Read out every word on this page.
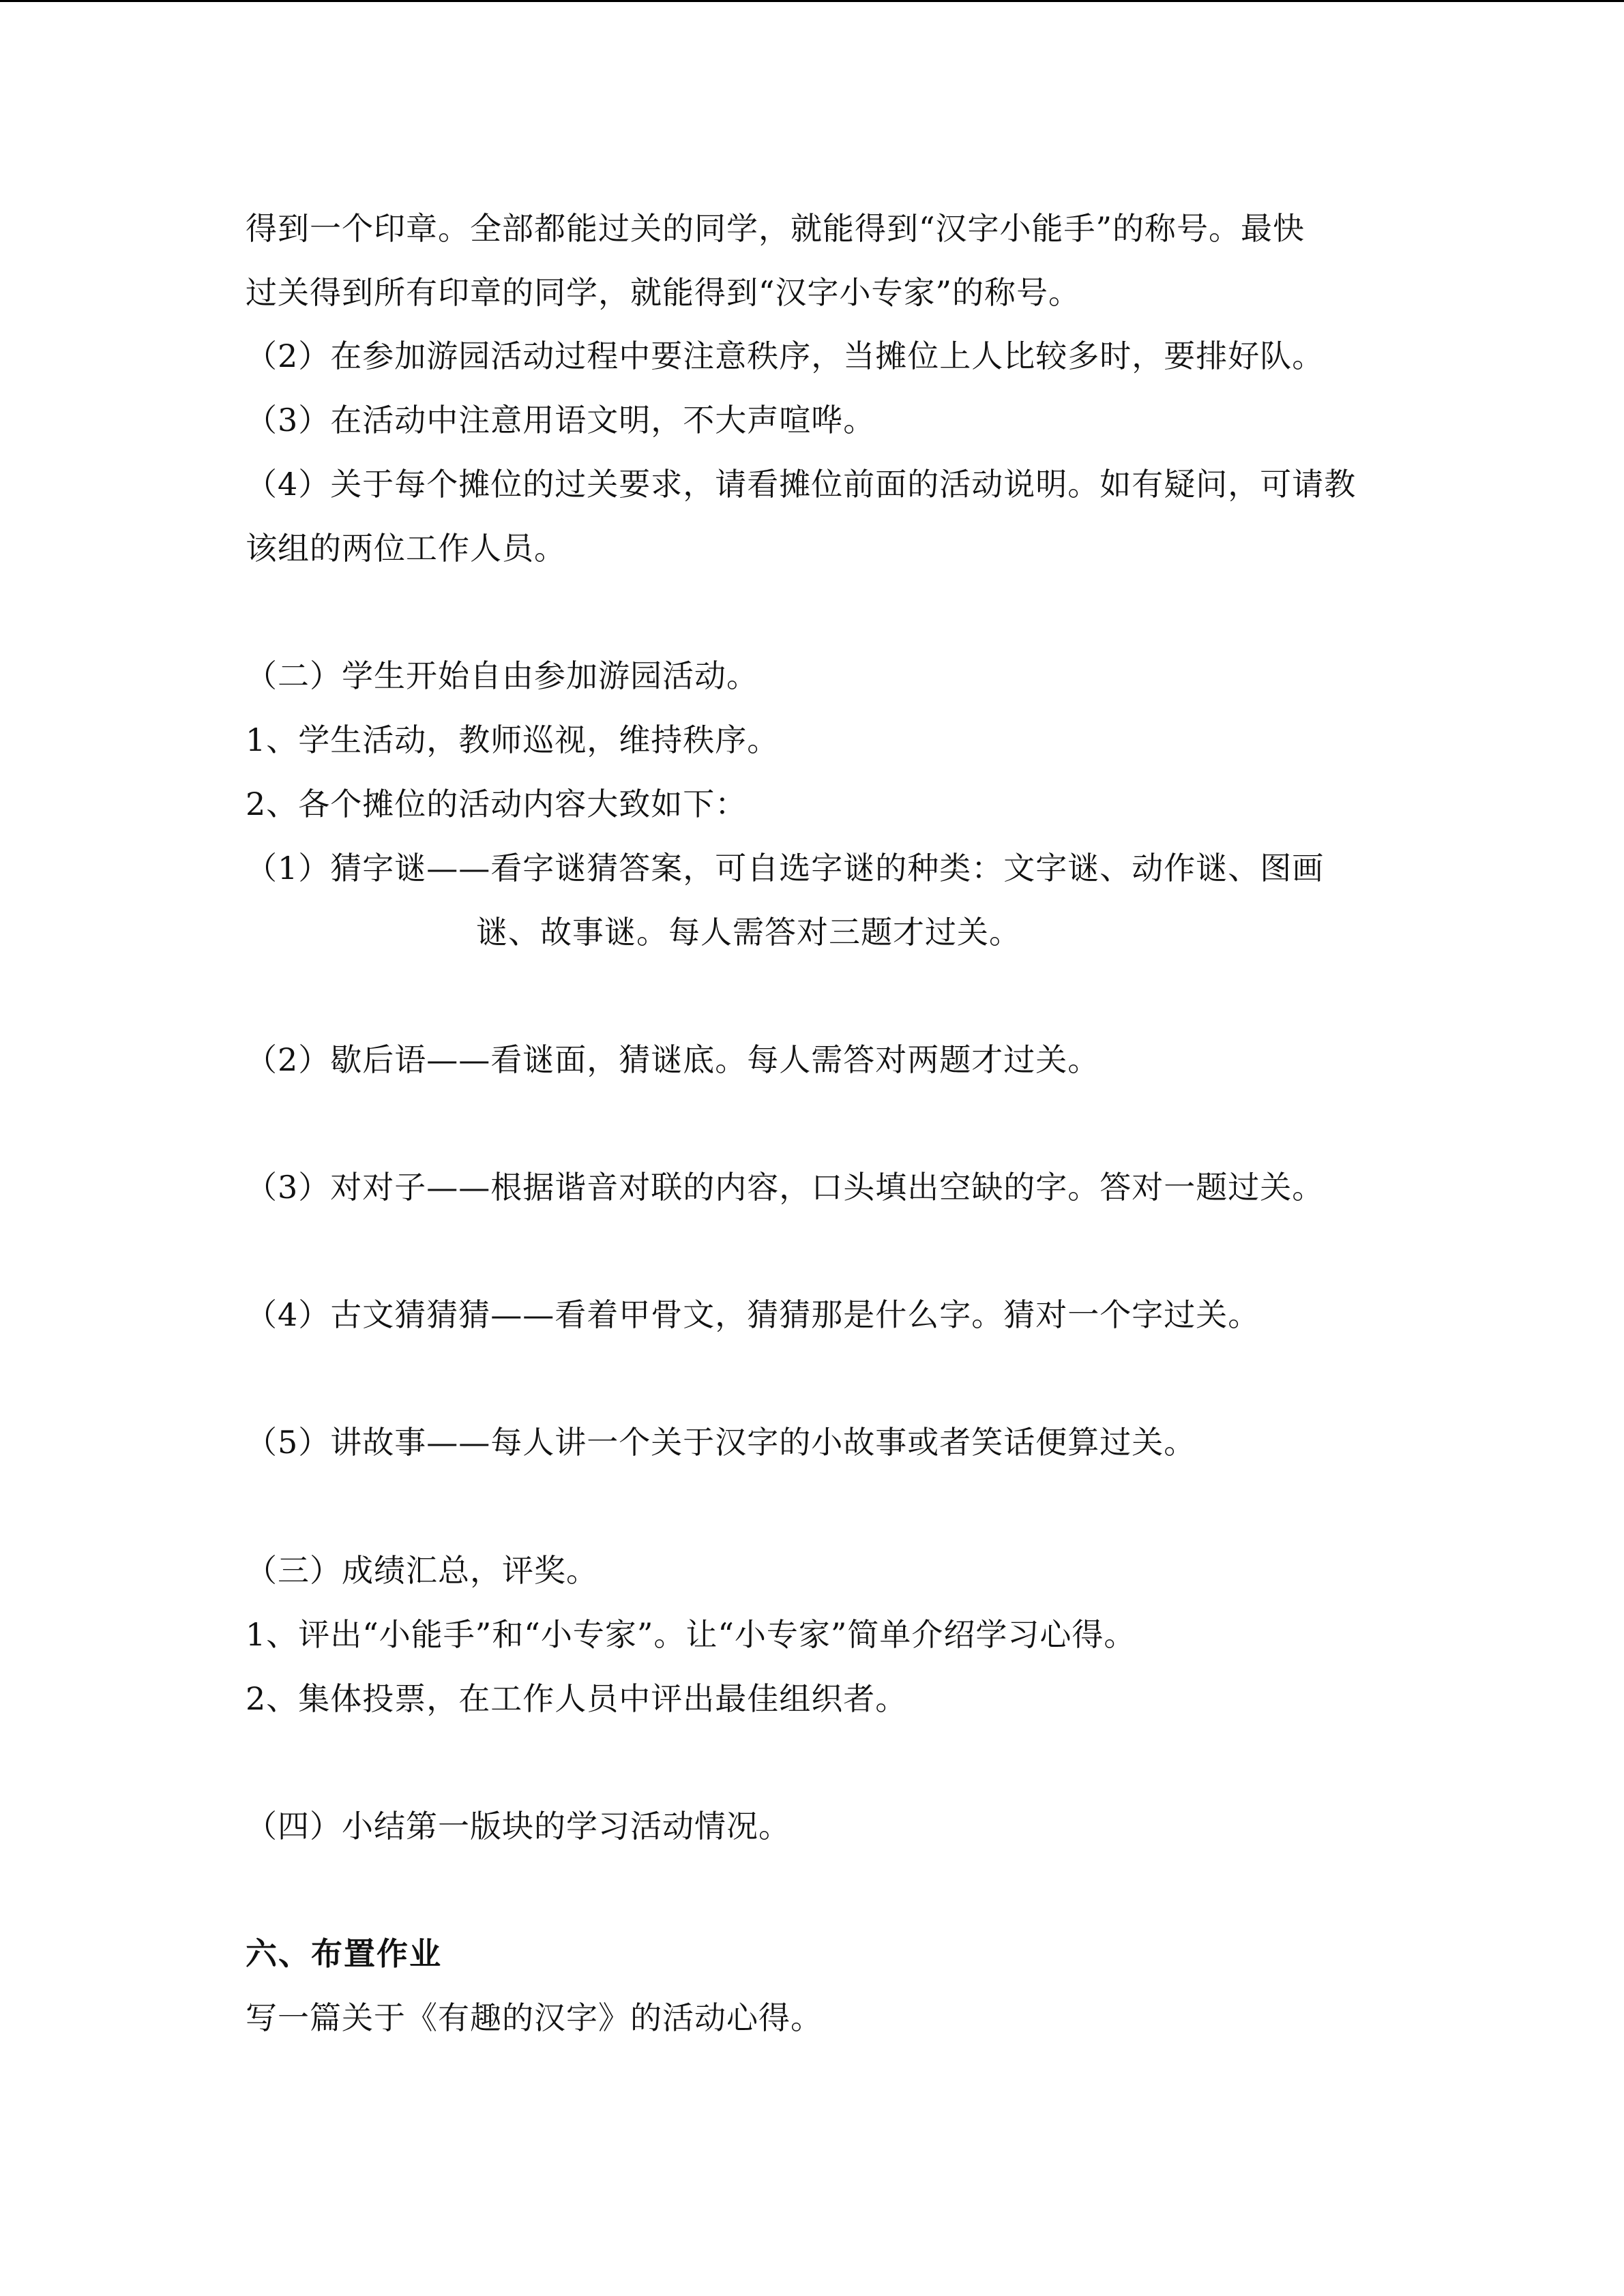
得到一个印章。全部都能过关的同学，就能得到“汉字小能手”的称号。最快

过关得到所有印章的同学，就能得到“汉字小专家”的称号。

（2）在参加游园活动过程中要注意秩序，当摊位上人比较多时，要排好队。

（3）在活动中注意用语文明，不大声喧哗。

（4）关于每个摊位的过关要求，请看摊位前面的活动说明。如有疑问，可请教

该组的两位工作人员。

（二）学生开始自由参加游园活动。

1、学生活动，教师巡视，维持秩序。

2、各个摊位的活动内容大致如下：

（1）猜字谜——看字谜猜答案，可自选字谜的种类：文字谜、动作谜、图画

谜、故事谜。每人需答对三题才过关。

（2）歇后语——看谜面，猜谜底。每人需答对两题才过关。

（3）对对子——根据谐音对联的内容，口头填出空缺的字。答对一题过关。

（4）古文猜猜猜——看着甲骨文，猜猜那是什么字。猜对一个字过关。

（5）讲故事——每人讲一个关于汉字的小故事或者笑话便算过关。

（三）成绩汇总，评奖。

1、评出“小能手”和“小专家”。让“小专家”简单介绍学习心得。

2、集体投票，在工作人员中评出最佳组织者。

（四）小结第一版块的学习活动情况。

六、布置作业

写一篇关于《有趣的汉字》的活动心得。
